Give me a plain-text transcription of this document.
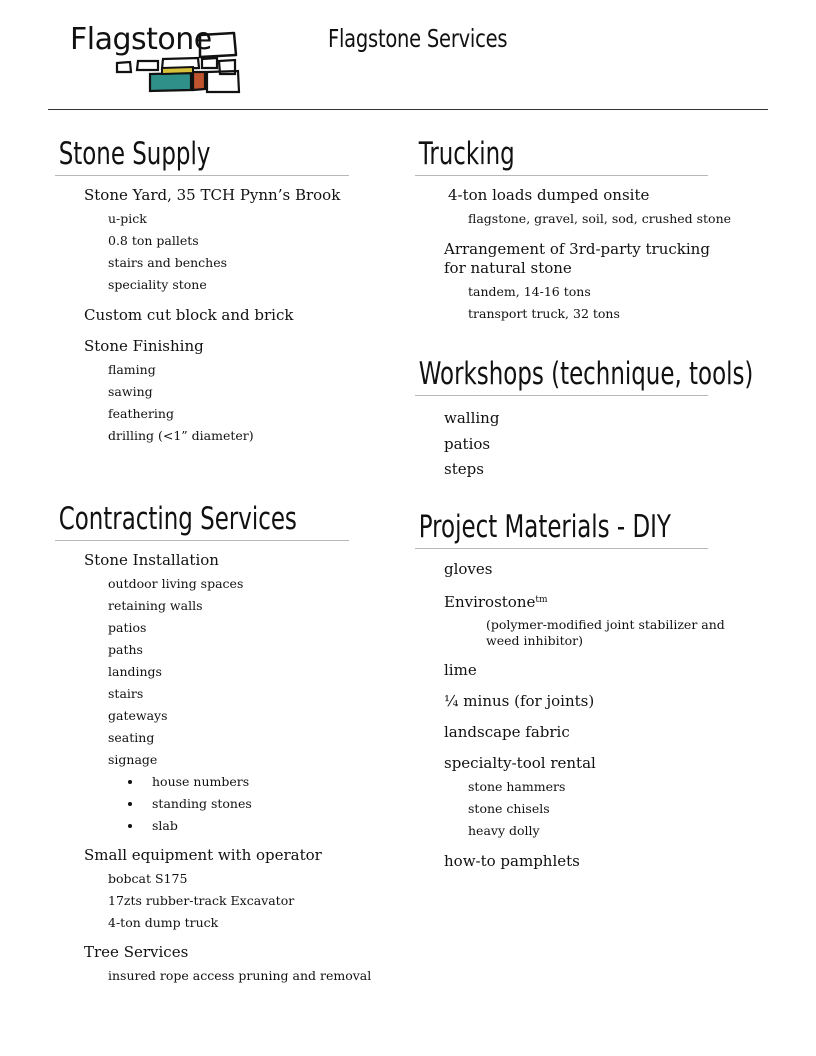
Flagstone	Flagstone Services
Stone Supply
Stone Yard, 35 TCH Pynn’s Brook
u-pick
0.8 ton pallets
stairs and benches
speciality stone
Custom cut block and brick
Stone Finishing
flaming
sawing
feathering
drilling (<1” diameter)
Contracting Services
Stone Installation
outdoor living spaces
retaining walls
patios
paths
landings
stairs
gateways
seating
signage
house numbers
standing stones
slab
Small equipment with operator
bobcat S175
17zts rubber-track Excavator
4-ton dump truck
Tree Services
insured rope access pruning and removal
Trucking
4-ton loads dumped onsite
flagstone, gravel, soil, sod, crushed stone
Arrangement of 3rd-party trucking
for natural stone
tandem, 14-16 tons
transport truck, 32 tons
Workshops (technique, tools)
walling
patios
steps
Project Materials - DIY
gloves
Envirostone$^{tm}$
(polymer-modified joint stabilizer and
weed inhibitor)
lime
¼ minus (for joints)
landscape fabric
specialty-tool rental
stone hammers
stone chisels
heavy dolly
how-to pamphlets
